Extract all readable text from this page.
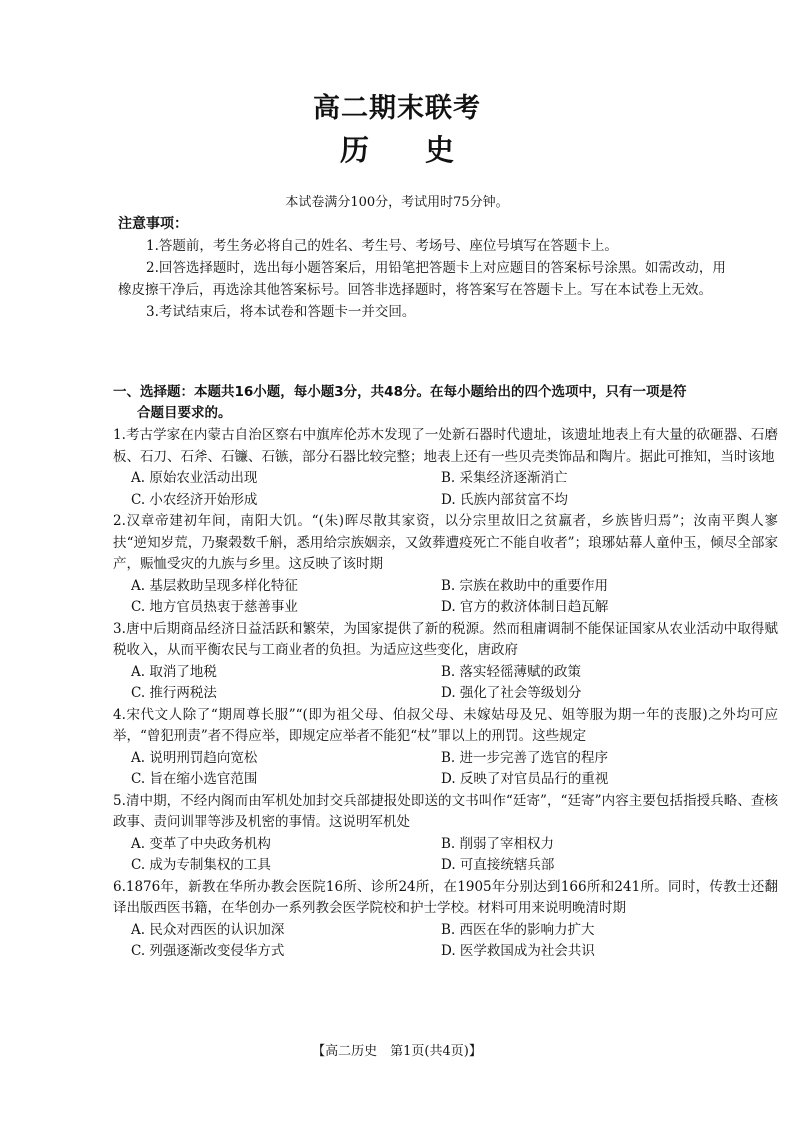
高二期末联考
历 史
本试卷满分100分，考试用时75分钟。
注意事项：

1.答题前，考生务必将自己的姓名、考生号、考场号、座位号填写在答题卡上。

2.回答选择题时，选出每小题答案后，用铅笔把答题卡上对应题目的答案标号涂黑。如需改动，用橡皮擦干净后，再选涂其他答案标号。回答非选择题时，将答案写在答题卡上。写在本试卷上无效。

3.考试结束后，将本试卷和答题卡一并交回。

一、选择题：本题共16小题，每小题3分，共48分。在每小题给出的四个选项中，只有一项是符
合题目要求的。
1.考古学家在内蒙古自治区察右中旗库伦苏木发现了一处新石器时代遗址，该遗址地表上有大量的砍砸器、石磨板、石刀、石斧、石镰、石镞，部分石器比较完整；地表上还有一些贝壳类饰品和陶片。据此可推知，当时该地
A. 原始农业活动出现	B. 采集经济逐渐消亡
C. 小农经济开始形成	D. 氏族内部贫富不均
2.汉章帝建初年间，南阳大饥。“(朱)晖尽散其家资，以分宗里故旧之贫羸者，乡族皆归焉”；汝南平舆人寥扶“逆知岁荒，乃聚榖数千斛，悉用给宗族姻亲，又敛葬遭疫死亡不能自收者”；琅琊姑幕人童仲玉，倾尽全部家产，赈恤受灾的九族与乡里。这反映了该时期
A. 基层救助呈现多样化特征	B. 宗族在救助中的重要作用
C. 地方官员热衷于慈善事业	D. 官方的救济体制日趋瓦解
3.唐中后期商品经济日益活跃和繁荣，为国家提供了新的税源。然而租庸调制不能保证国家从农业活动中取得赋税收入，从而平衡农民与工商业者的负担。为适应这些变化，唐政府
A. 取消了地税	B. 落实轻徭薄赋的政策
C. 推行两税法	D. 强化了社会等级划分
4.宋代文人除了“期周尊长服”“(即为祖父母、伯叔父母、未嫁姑母及兄、姐等服为期一年的丧服)之外均可应举，“曾犯刑责”者不得应举，即规定应举者不能犯“杖”罪以上的刑罚。这些规定
A. 说明刑罚趋向宽松	B. 进一步完善了选官的程序
C. 旨在缩小选官范围	D. 反映了对官员品行的重视
5.清中期，不经内阁而由军机处加封交兵部捷报处即送的文书叫作“廷寄”，“廷寄”内容主要包括指授兵略、查核政事、责问训罪等涉及机密的事情。这说明军机处
A. 变革了中央政务机构	B. 削弱了宰相权力
C. 成为专制集权的工具	D. 可直接统辖兵部
6.1876年，新教在华所办教会医院16所、诊所24所，在1905年分别达到166所和241所。同时，传教士还翻译出版西医书籍，在华创办一系列教会医学院校和护士学校。材料可用来说明晚清时期
A. 民众对西医的认识加深	B. 西医在华的影响力扩大
C. 列强逐渐改变侵华方式	D. 医学救国成为社会共识
【高二历史　第1页(共4页)】
